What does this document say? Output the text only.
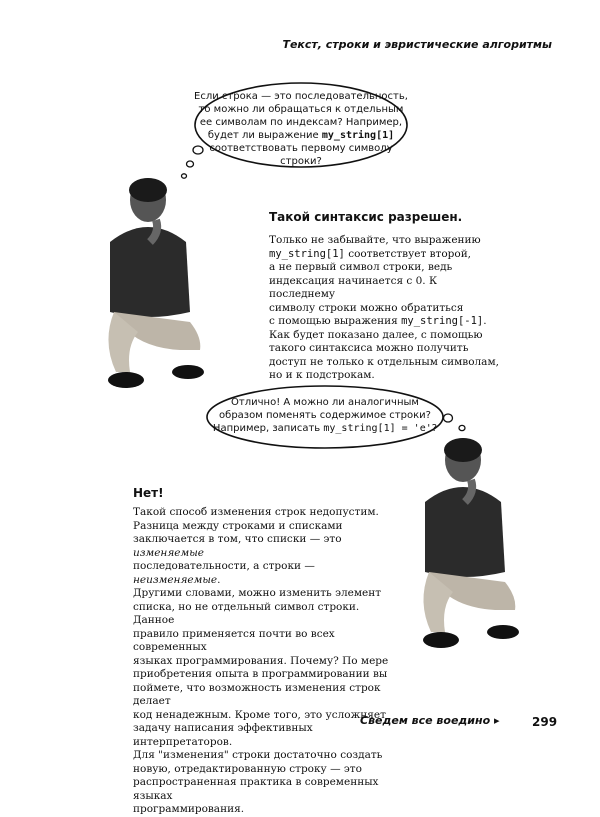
Текст, строки и эвристические алгоритмы
Если строка — это последовательность,
то можно ли обращаться к отдельным
ее символам по индексам? Например,
будет ли выражение my_string[1]
соответствовать первому символу строки?
Такой синтаксис разрешен.
Только не забывайте, что выражению
my_string[1] соответствует второй,
а не первый символ строки, ведь
индексация начинается с 0. К последнему
символу строки можно обратиться
с помощью выражения my_string[-1].
Как будет показано далее, с помощью
такого синтаксиса можно получить
доступ не только к отдельным символам,
но и к подстрокам.
Отлично! А можно ли аналогичным
образом поменять содержимое строки?
Например, записать my_string[1] = 'e'?
Нет!
Такой способ изменения строк недопустим.
Разница между строками и списками
заключается в том, что списки — это изменяемые
последовательности, а строки — неизменяемые.
Другими словами, можно изменить элемент
списка, но не отдельный символ строки. Данное
правило применяется почти во всех современных
языках программирования. Почему? По мере
приобретения опыта в программировании вы
поймете, что возможность изменения строк делает
код ненадежным. Кроме того, это усложняет
задачу написания эффективных интерпретаторов.
Для "изменения" строки достаточно создать
новую, отредактированную строку — это
распространенная практика в современных языках
программирования.
Сведем все воедино ▸	299
